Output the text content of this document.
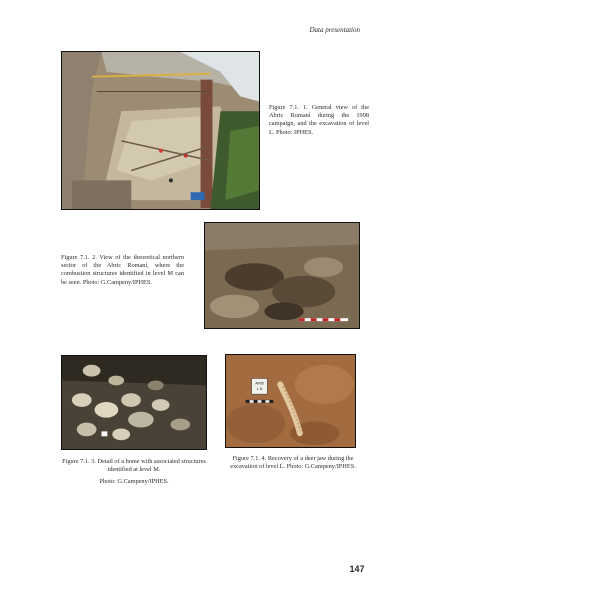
Data presentation

Figure 7.1. 1. General view of the Abric Romaní during the 1998 campaign, and the excavation of level L. Photo: IPHES.

Figure 7.1. 2. View of the theoretical northern sector of the Abric Romaní, where the combustion structures identified in level M can be seen. Photo: G.Campeny/IPHES.

Figure 7.1. 3. Detail of a home with associated structures identified at level M.

Photo: G.Campeny/IPHES.

AR05
L 5

Figure 7.1. 4. Recovery of a deer jaw during the excavation of level L. Photo: G.Campeny/IPHES.

147
